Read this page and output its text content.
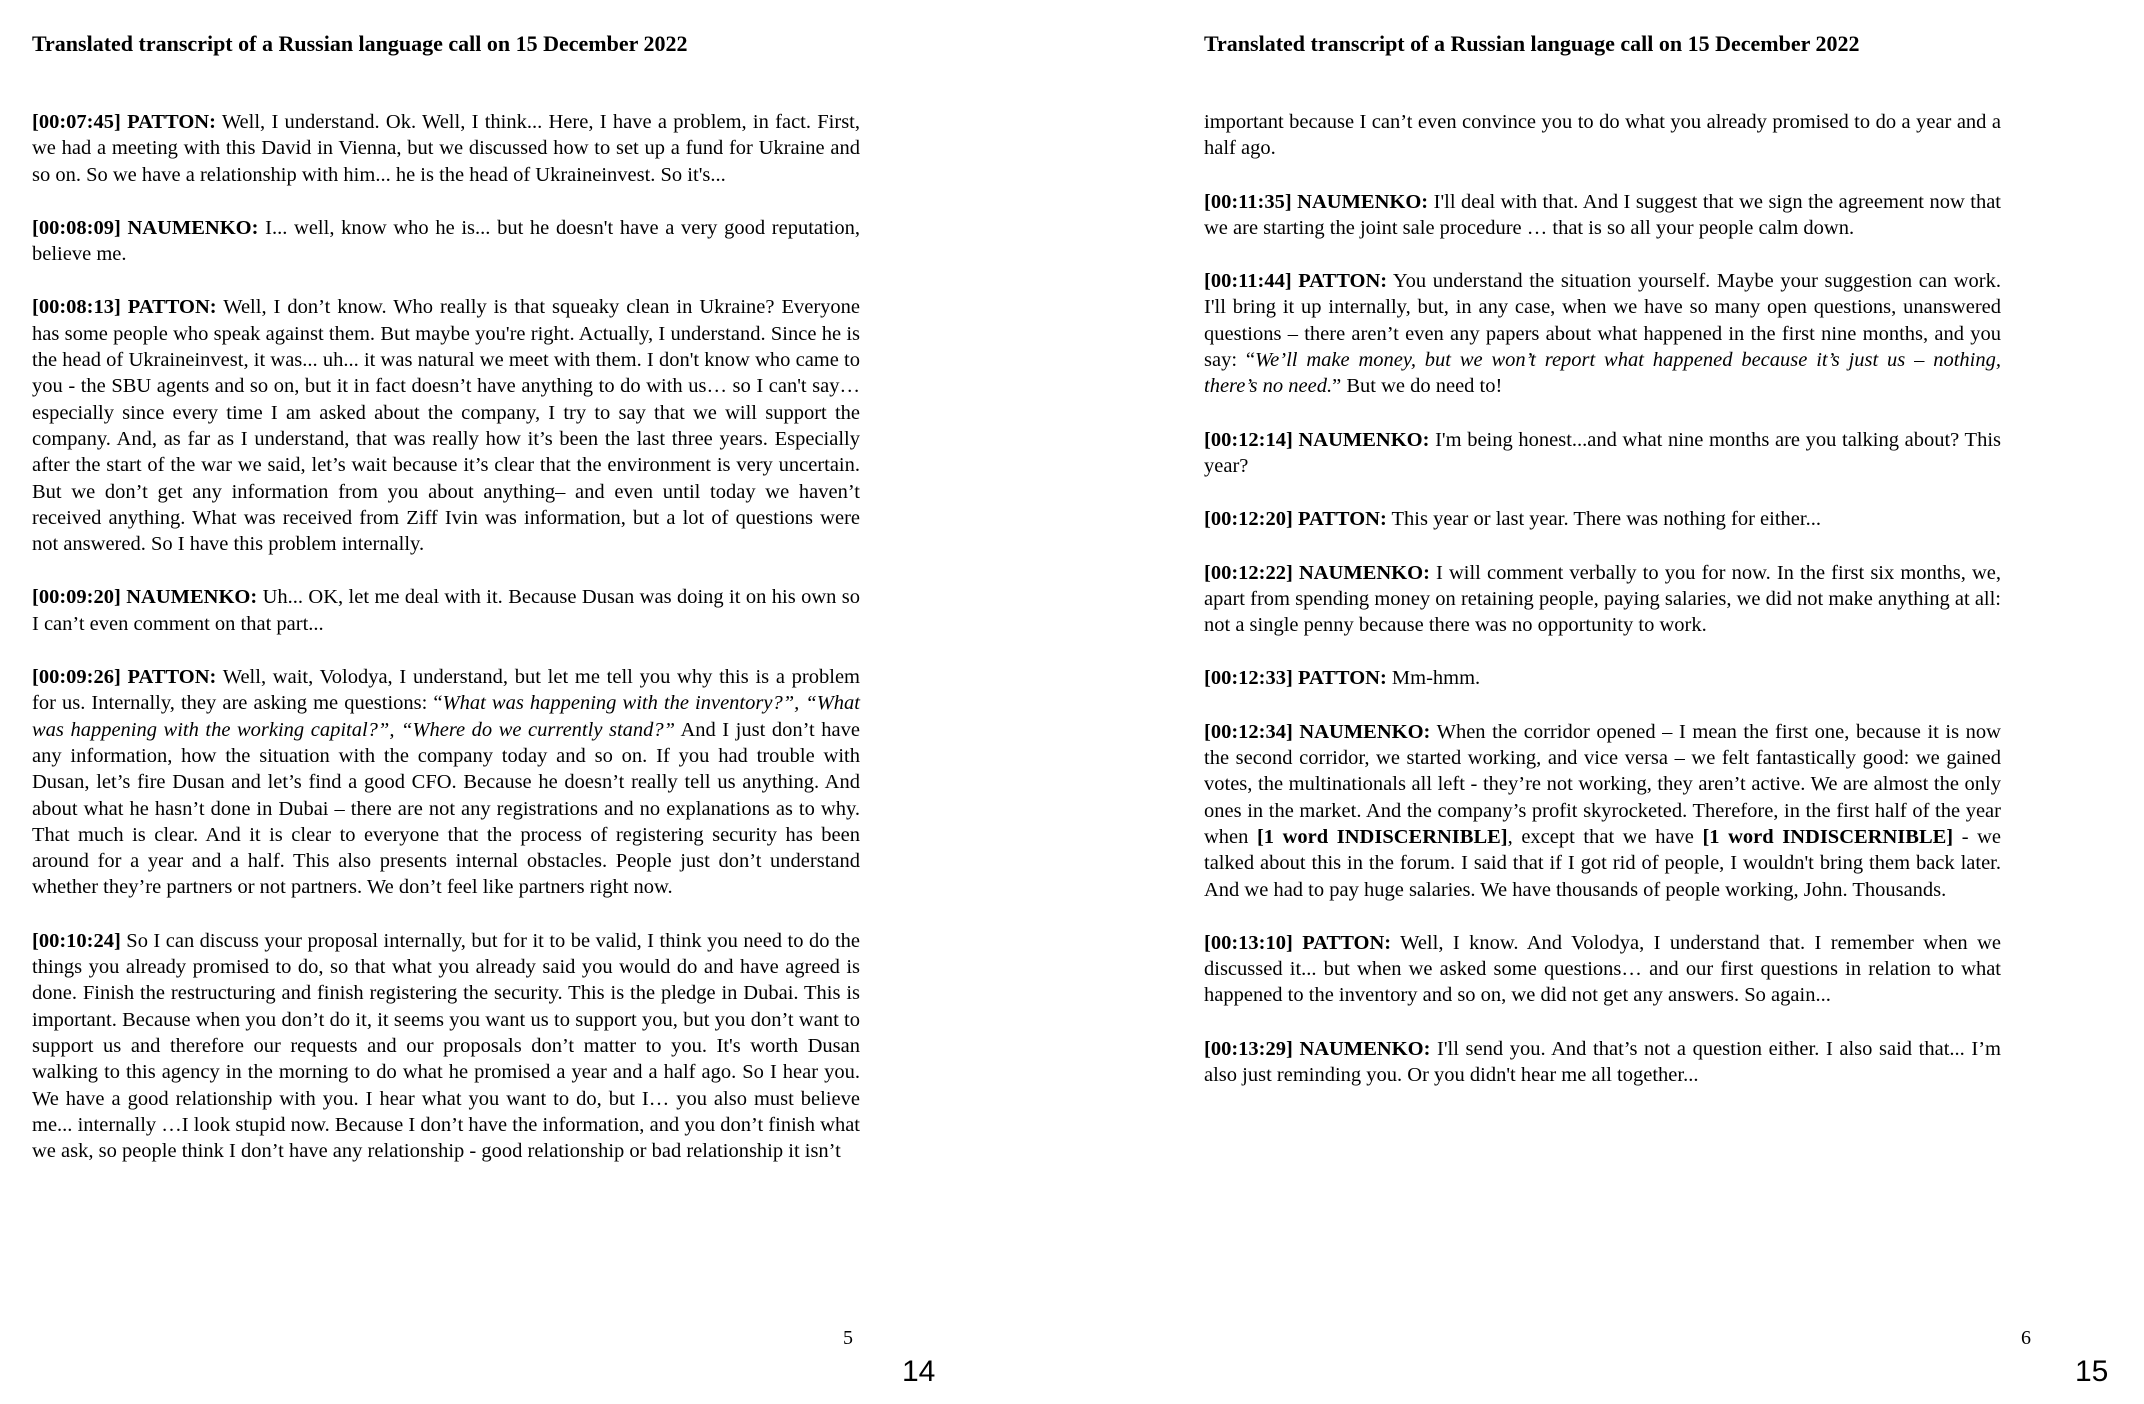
Translated transcript of a Russian language call on 15 December 2022

[00:07:45] PATTON: Well, I understand. Ok. Well, I think... Here, I have a problem, in fact. First, we had a meeting with this David in Vienna, but we discussed how to set up a fund for Ukraine and so on. So we have a relationship with him... he is the head of Ukraineinvest. So it's...

[00:08:09] NAUMENKO: I... well, know who he is... but he doesn't have a very good reputation, believe me.

[00:08:13] PATTON: Well, I don’t know. Who really is that squeaky clean in Ukraine? Everyone has some people who speak against them. But maybe you're right. Actually, I understand. Since he is the head of Ukraineinvest, it was... uh... it was natural we meet with them. I don't know who came to you - the SBU agents and so on, but it in fact doesn’t have anything to do with us… so I can't say… especially since every time I am asked about the company, I try to say that we will support the company. And, as far as I understand, that was really how it’s been the last three years. Especially after the start of the war we said, let’s wait because it’s clear that the environment is very uncertain. But we don’t get any information from you about anything– and even until today we haven’t received anything. What was received from Ziff Ivin was information, but a lot of questions were not answered. So I have this problem internally.

[00:09:20] NAUMENKO: Uh... OK, let me deal with it. Because Dusan was doing it on his own so I can’t even comment on that part...

[00:09:26] PATTON: Well, wait, Volodya, I understand, but let me tell you why this is a problem for us. Internally, they are asking me questions: “What was happening with the inventory?”, “What was happening with the working capital?”, “Where do we currently stand?” And I just don’t have any information, how the situation with the company today and so on. If you had trouble with Dusan, let’s fire Dusan and let’s find a good CFO. Because he doesn’t really tell us anything. And about what he hasn’t done in Dubai – there are not any registrations and no explanations as to why. That much is clear. And it is clear to everyone that the process of registering security has been around for a year and a half. This also presents internal obstacles. People just don’t understand whether they’re partners or not partners. We don’t feel like partners right now.

[00:10:24] So I can discuss your proposal internally, but for it to be valid, I think you need to do the things you already promised to do, so that what you already said you would do and have agreed is done. Finish the restructuring and finish registering the security. This is the pledge in Dubai. This is important. Because when you don’t do it, it seems you want us to support you, but you don’t want to support us and therefore our requests and our proposals don’t matter to you. It's worth Dusan walking to this agency in the morning to do what he promised a year and a half ago. So I hear you. We have a good relationship with you. I hear what you want to do, but I… you also must believe me... internally …I look stupid now. Because I don’t have the information, and you don’t finish what we ask, so people think I don’t have any relationship - good relationship or bad relationship it isn’t

5
14
Translated transcript of a Russian language call on 15 December 2022

important because I can’t even convince you to do what you already promised to do a year and a half ago.

[00:11:35] NAUMENKO: I'll deal with that. And I suggest that we sign the agreement now that we are starting the joint sale procedure … that is so all your people calm down.

[00:11:44] PATTON: You understand the situation yourself. Maybe your suggestion can work. I'll bring it up internally, but, in any case, when we have so many open questions, unanswered questions – there aren’t even any papers about what happened in the first nine months, and you say: “We’ll make money, but we won’t report what happened because it’s just us – nothing, there’s no need.” But we do need to!

[00:12:14] NAUMENKO: I'm being honest...and what nine months are you talking about? This year?

[00:12:20] PATTON: This year or last year. There was nothing for either...

[00:12:22] NAUMENKO: I will comment verbally to you for now. In the first six months, we, apart from spending money on retaining people, paying salaries, we did not make anything at all: not a single penny because there was no opportunity to work.

[00:12:33] PATTON: Mm-hmm.

[00:12:34] NAUMENKO: When the corridor opened – I mean the first one, because it is now the second corridor, we started working, and vice versa – we felt fantastically good: we gained votes, the multinationals all left - they’re not working, they aren’t active. We are almost the only ones in the market. And the company’s profit skyrocketed. Therefore, in the first half of the year when [1 word INDISCERNIBLE], except that we have [1 word INDISCERNIBLE] - we talked about this in the forum. I said that if I got rid of people, I wouldn't bring them back later. And we had to pay huge salaries. We have thousands of people working, John. Thousands.

[00:13:10] PATTON: Well, I know. And Volodya, I understand that. I remember when we discussed it... but when we asked some questions… and our first questions in relation to what happened to the inventory and so on, we did not get any answers. So again...

[00:13:29] NAUMENKO: I'll send you. And that’s not a question either. I also said that... I’m also just reminding you. Or you didn't hear me all together...

6
15
